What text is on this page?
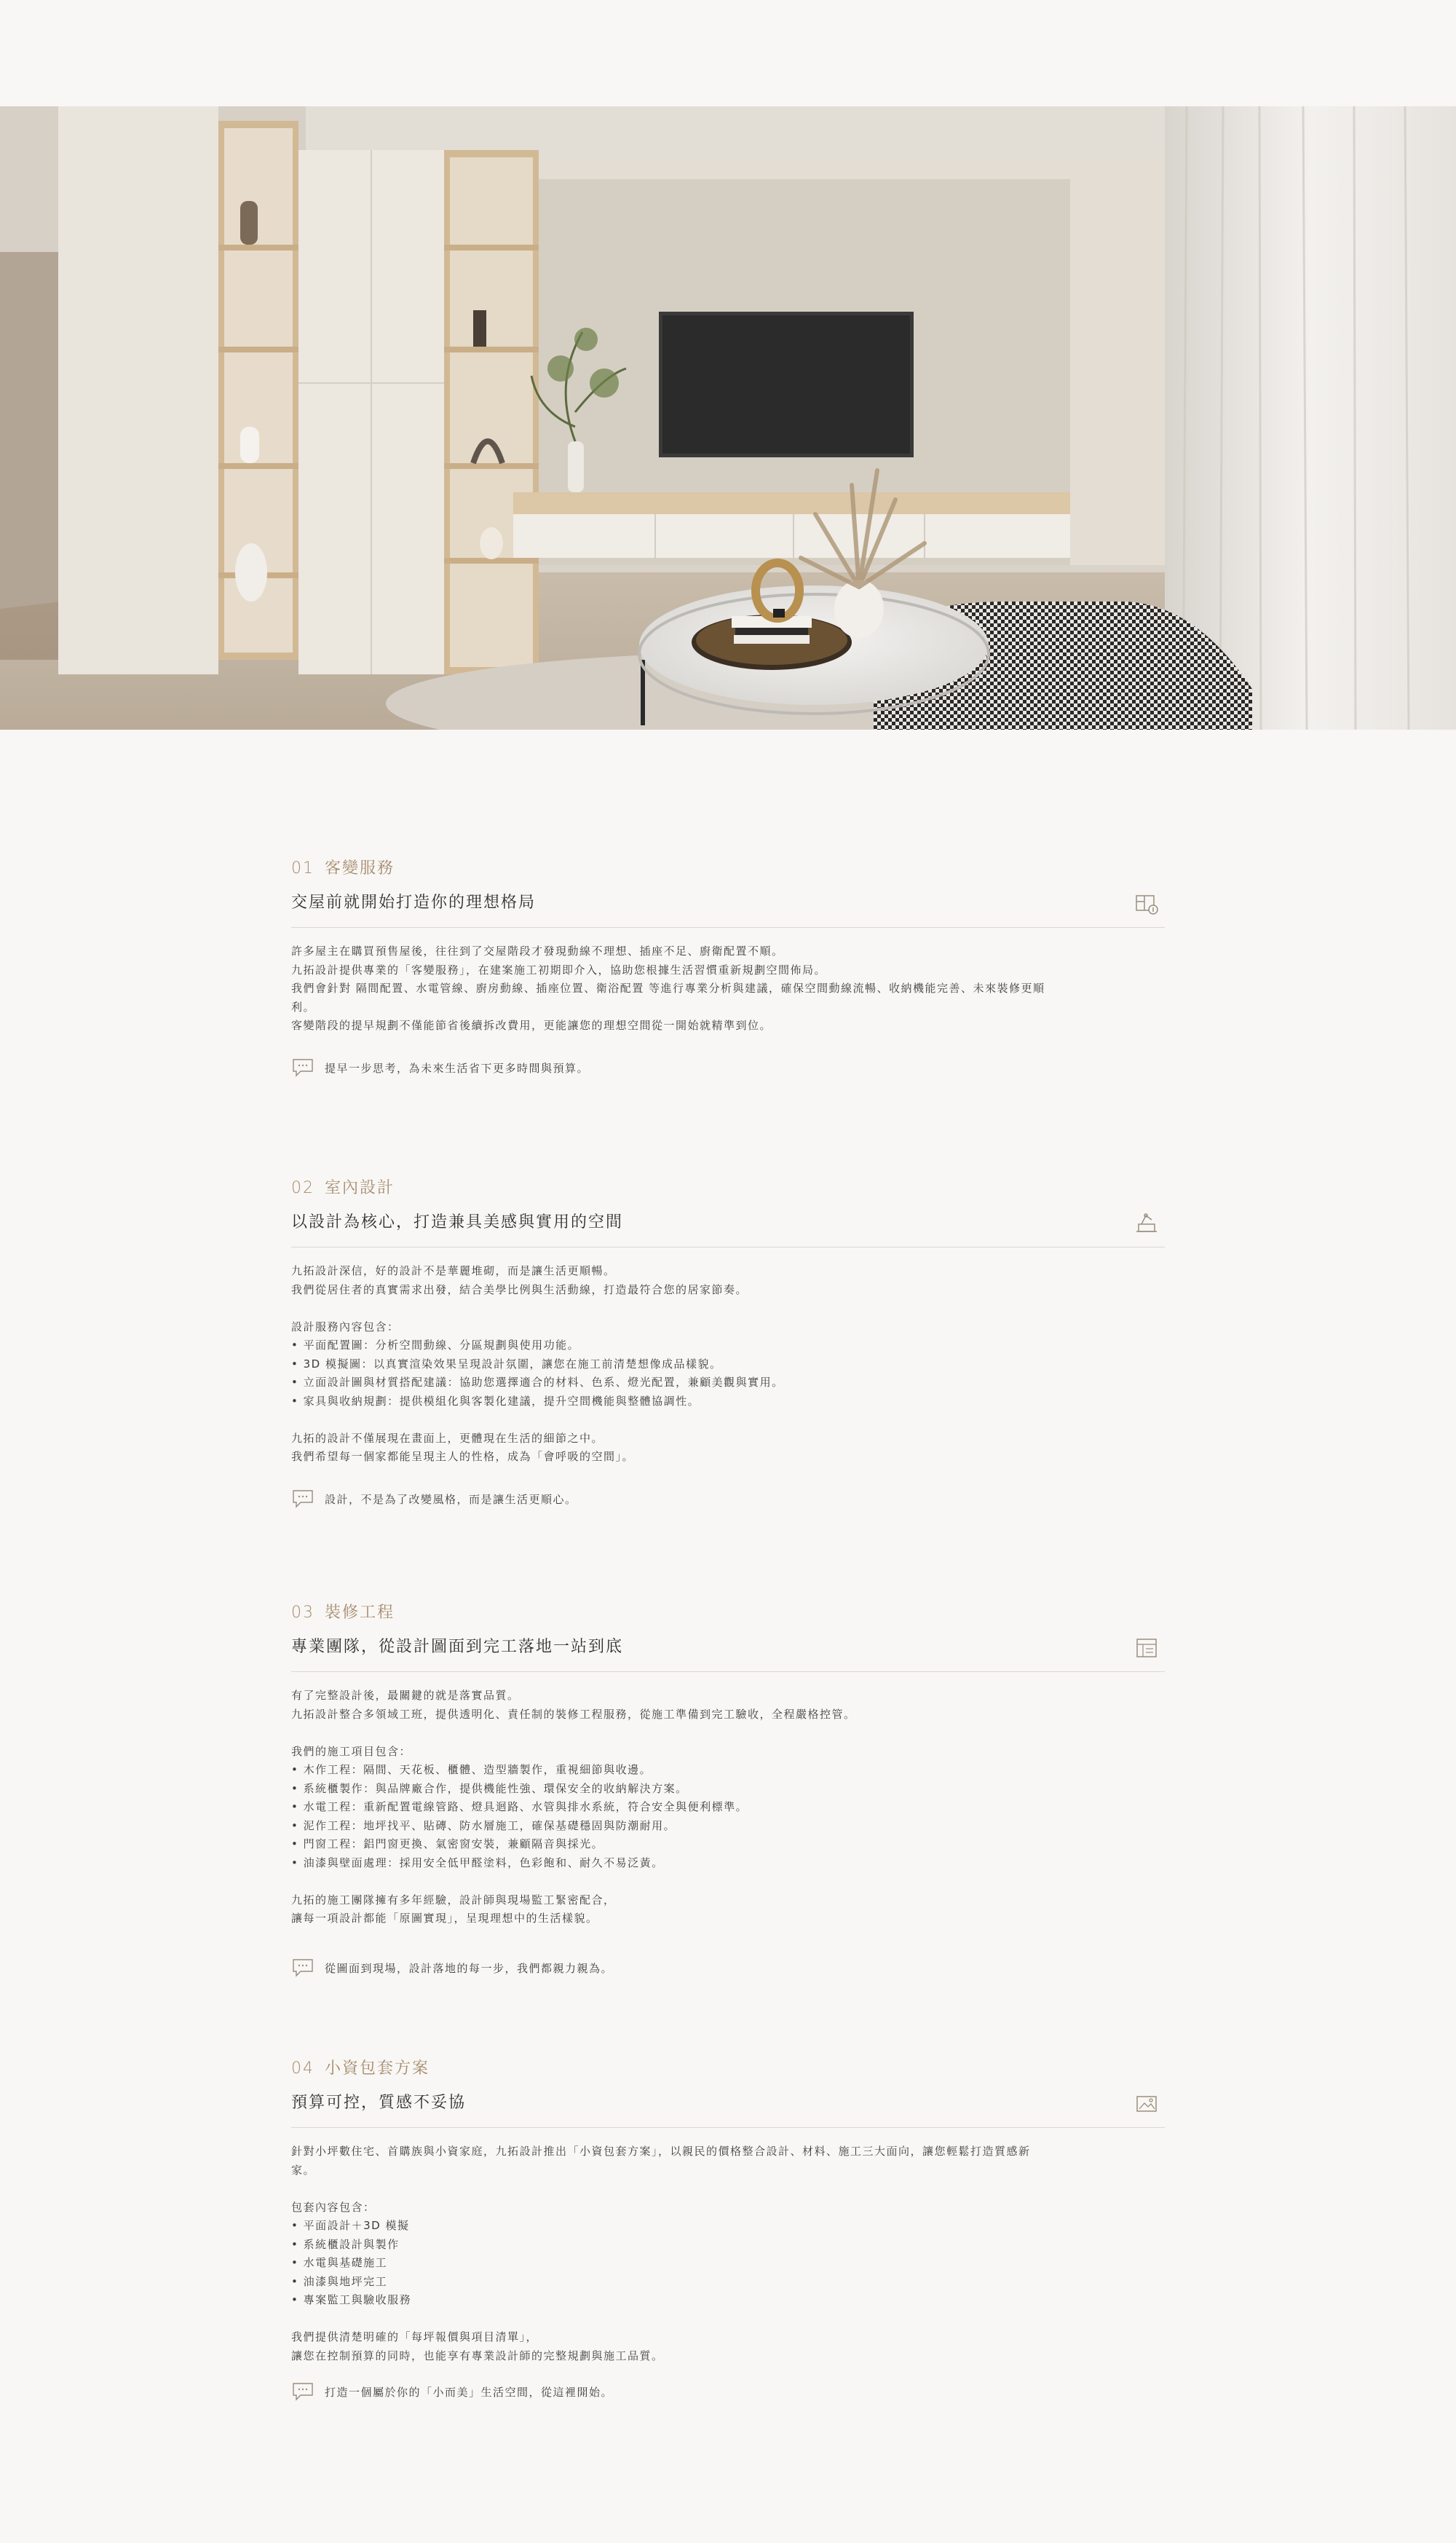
01 客變服務
交屋前就開始打造你的理想格局

許多屋主在購買預售屋後，往往到了交屋階段才發現動線不理想、插座不足、廚衛配置不順。

九拓設計提供專業的「客變服務」，在建案施工初期即介入，協助您根據生活習慣重新規劃空間佈局。

我們會針對 隔間配置、水電管線、廚房動線、插座位置、衛浴配置 等進行專業分析與建議，確保空間動線流暢、收納機能完善、未來裝修更順

利。

客變階段的提早規劃不僅能節省後續拆改費用，更能讓您的理想空間從一開始就精準到位。

提早一步思考，為未來生活省下更多時間與預算。
02 室內設計
以設計為核心，打造兼具美感與實用的空間

九拓設計深信，好的設計不是華麗堆砌，而是讓生活更順暢。

我們從居住者的真實需求出發，結合美學比例與生活動線，打造最符合您的居家節奏。

設計服務內容包含：

• 平面配置圖：分析空間動線、分區規劃與使用功能。

• 3D 模擬圖：以真實渲染效果呈現設計氛圍，讓您在施工前清楚想像成品樣貌。

• 立面設計圖與材質搭配建議：協助您選擇適合的材料、色系、燈光配置，兼顧美觀與實用。

• 家具與收納規劃：提供模組化與客製化建議，提升空間機能與整體協調性。

九拓的設計不僅展現在畫面上，更體現在生活的細節之中。

我們希望每一個家都能呈現主人的性格，成為「會呼吸的空間」。

設計，不是為了改變風格，而是讓生活更順心。
03 裝修工程
專業團隊，從設計圖面到完工落地一站到底

有了完整設計後，最關鍵的就是落實品質。

九拓設計整合多領域工班，提供透明化、責任制的裝修工程服務，從施工準備到完工驗收，全程嚴格控管。

我們的施工項目包含：

• 木作工程：隔間、天花板、櫃體、造型牆製作，重視細節與收邊。

• 系統櫃製作：與品牌廠合作，提供機能性強、環保安全的收納解決方案。

• 水電工程：重新配置電線管路、燈具迴路、水管與排水系統，符合安全與便利標準。

• 泥作工程：地坪找平、貼磚、防水層施工，確保基礎穩固與防潮耐用。

• 門窗工程：鋁門窗更換、氣密窗安裝，兼顧隔音與採光。

• 油漆與壁面處理：採用安全低甲醛塗料，色彩飽和、耐久不易泛黃。

九拓的施工團隊擁有多年經驗，設計師與現場監工緊密配合，

讓每一項設計都能「原圖實現」，呈現理想中的生活樣貌。

從圖面到現場，設計落地的每一步，我們都親力親為。
04 小資包套方案
預算可控，質感不妥協

針對小坪數住宅、首購族與小資家庭，九拓設計推出「小資包套方案」，以親民的價格整合設計、材料、施工三大面向，讓您輕鬆打造質感新

家。

包套內容包含：

• 平面設計＋3D 模擬

• 系統櫃設計與製作

• 水電與基礎施工

• 油漆與地坪完工

• 專案監工與驗收服務

我們提供清楚明確的「每坪報價與項目清單」，

讓您在控制預算的同時，也能享有專業設計師的完整規劃與施工品質。

打造一個屬於你的「小而美」生活空間，從這裡開始。
